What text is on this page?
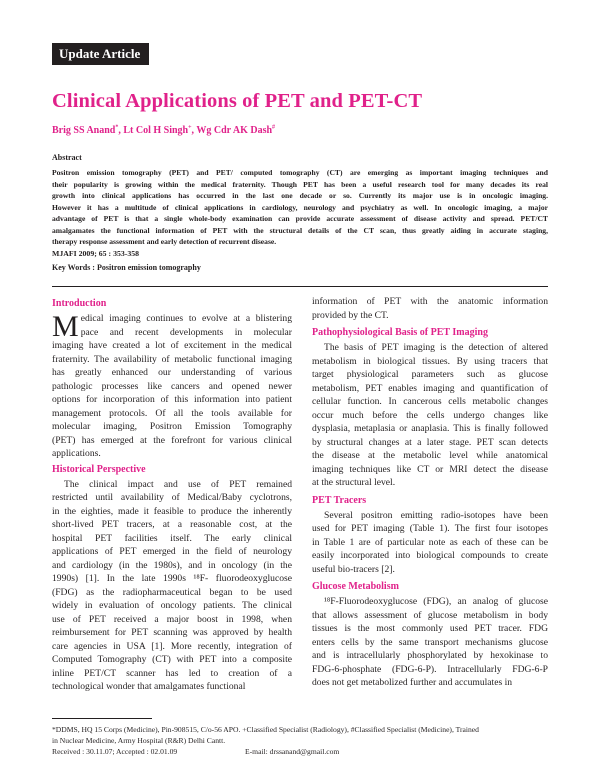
Update Article
Clinical Applications of PET and PET-CT
Brig SS Anand*, Lt Col H Singh+, Wg Cdr AK Dash#
Abstract
Positron emission tomography (PET) and PET/ computed tomography (CT) are emerging as important imaging techniques and
their popularity is growing within the medical fraternity. Though PET has been a useful research tool for many decades its real
growth into clinical applications has occurred in the last one decade or so. Currently its major use is in oncologic imaging.
However it has a multitude of clinical applications in cardiology, neurology and psychiatry as well. In oncologic imaging, a major
advantage of PET is that a single whole-body examination can provide accurate assessment of disease activity and spread. PET/CT
amalgamates the functional information of PET with the structural details of the CT scan, thus greatly aiding in accurate staging,
therapy response assessment and early detection of recurrent disease.
MJAFI 2009; 65 : 353-358
Key Words : Positron emission tomography
Introduction
M edical imaging continues to evolve at a blistering
pace and recent developments in molecular
imaging have created a lot of excitement in the medical
fraternity. The availability of metabolic functional imaging
has greatly enhanced our understanding of various
pathologic processes like cancers and opened newer
options for incorporation of this information into patient
management protocols. Of all the tools available for
molecular imaging, Positron Emission Tomography
(PET) has emerged at the forefront for various clinical
applications.
Historical Perspective
The clinical impact and use of PET remained
restricted until availability of Medical/Baby cyclotrons,
in the eighties, made it feasible to produce the inherently
short-lived PET tracers, at a reasonable cost, at the
hospital PET facilities itself. The early clinical
applications of PET emerged in the field of neurology
and cardiology (in the 1980s), and in oncology (in the
1990s) [1]. In the late 1990s ¹⁸F- fluorodeoxyglucose
(FDG) as the radiopharmaceutical began to be used
widely in evaluation of oncology patients. The clinical
use of PET received a major boost in 1998, when
reimbursement for PET scanning was approved by health
care agencies in USA [1]. More recently, integration of
Computed Tomography (CT) with PET into a composite
inline PET/CT scanner has led to creation of a
technological wonder that amalgamates functional
information of PET with the anatomic information
provided by the CT.
Pathophysiological Basis of PET Imaging
The basis of PET imaging is the detection of altered
metabolism in biological tissues. By using tracers that
target physiological parameters such as glucose
metabolism, PET enables imaging and quantification of
cellular function. In cancerous cells metabolic changes
occur much before the cells undergo changes like
dysplasia, metaplasia or anaplasia. This is finally followed
by structural changes at a later stage. PET scan detects
the disease at the metabolic level while anatomical
imaging techniques like CT or MRI detect the disease
at the structural level.
PET Tracers
Several positron emitting radio-isotopes have been
used for PET imaging (Table 1). The first four isotopes
in Table 1 are of particular note as each of these can be
easily incorporated into biological compounds to create
useful bio-tracers [2].
Glucose Metabolism
¹⁸F-Fluorodeoxyglucose (FDG), an analog of glucose
that allows assessment of glucose metabolism in body
tissues is the most commonly used PET tracer. FDG
enters cells by the same transport mechanisms glucose
and is intracellularly phosphorylated by hexokinase to
FDG-6-phosphate (FDG-6-P). Intracellularly FDG-6-P
does not get metabolized further and accumulates in
*DDMS, HQ 15 Corps (Medicine), Pin-908515, C/o-56 APO. +Classified Specialist (Radiology), #Classified Specialist (Medicine), Trained
in Nuclear Medicine, Army Hospital (R&R) Delhi Cantt.
Received : 30.11.07; Accepted : 02.01.09	E-mail: drssanand@gmail.com
